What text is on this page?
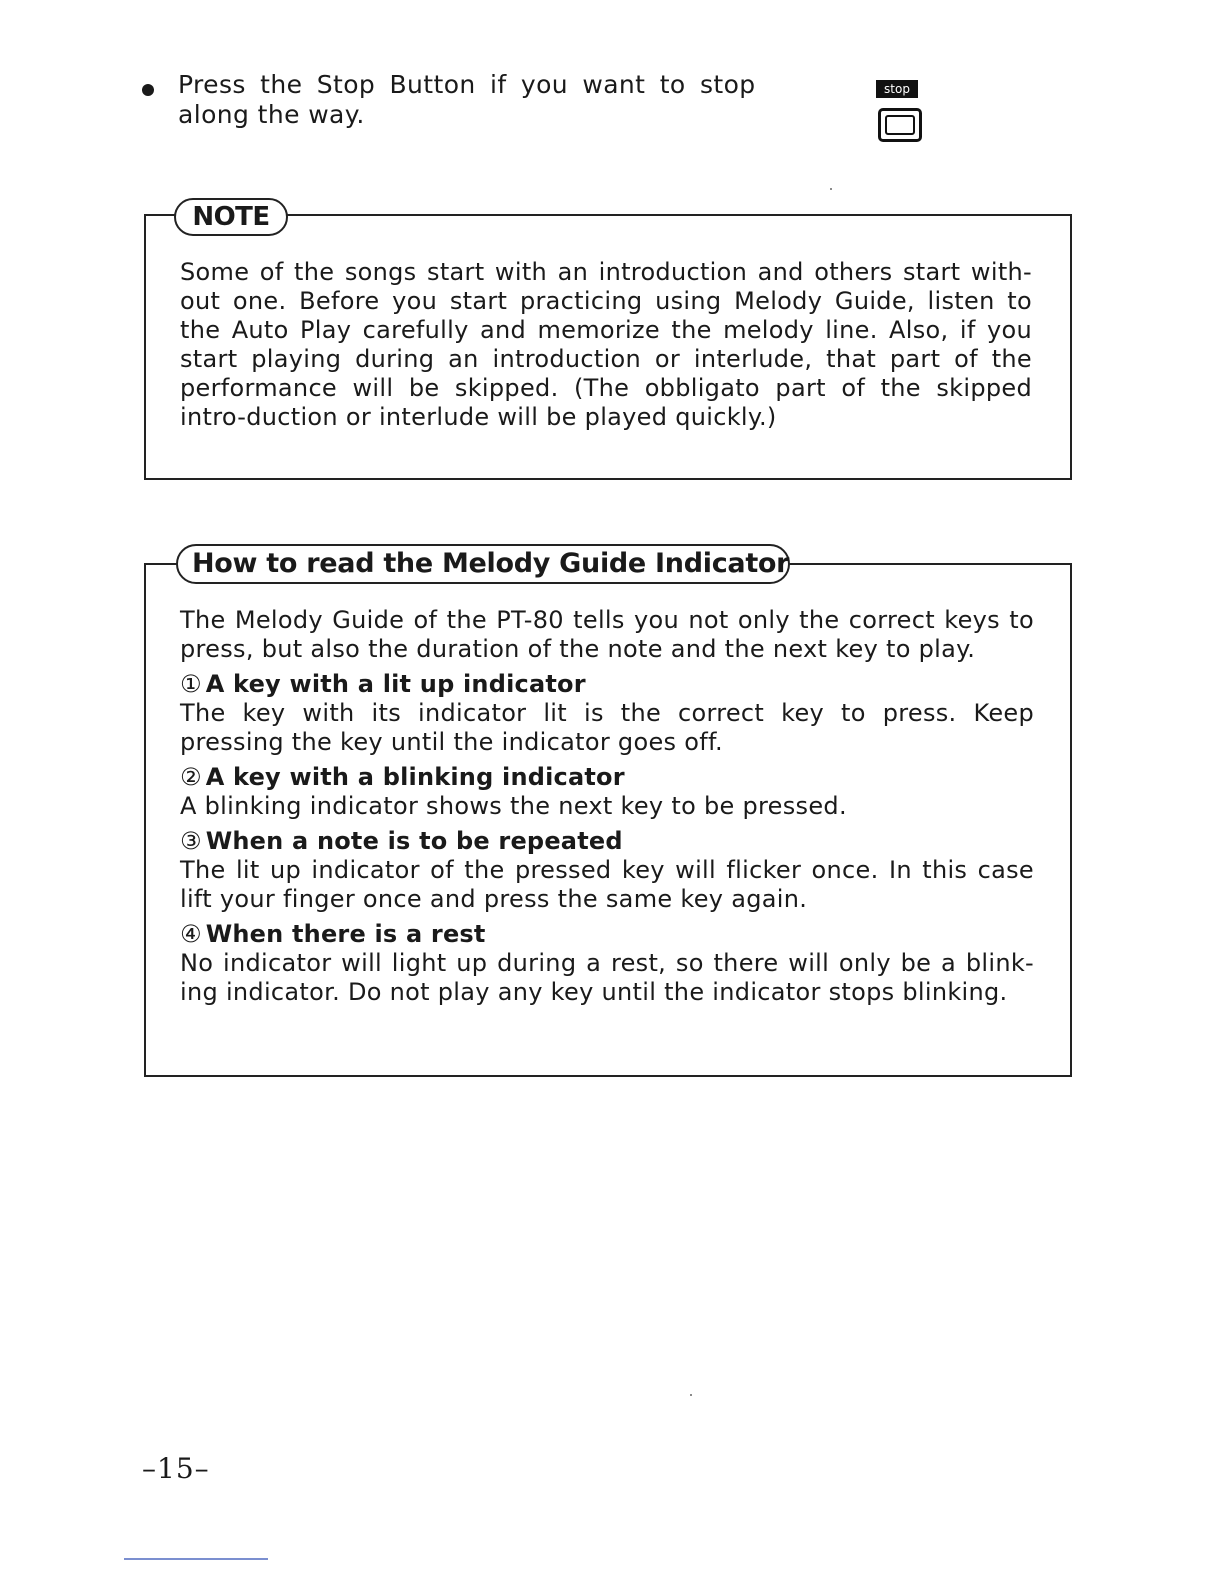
Press the Stop Button if you want to stop
along the way.
stop
NOTE
Some of the songs start with an introduction and others start with-out one. Before you start practicing using Melody Guide, listen to the Auto Play carefully and memorize the melody line. Also, if you start playing during an introduction or interlude, that part of the performance will be skipped. (The obbligato part of the skipped intro-duction or interlude will be played quickly.)
How to read the Melody Guide Indicator
The Melody Guide of the PT-80 tells you not only the correct keys to press, but also the duration of the note and the next key to play.
① A key with a lit up indicator
The key with its indicator lit is the correct key to press. Keep pressing the key until the indicator goes off.
② A key with a blinking indicator
A blinking indicator shows the next key to be pressed.
③ When a note is to be repeated
The lit up indicator of the pressed key will flicker once. In this case lift your finger once and press the same key again.
④ When there is a rest
No indicator will light up during a rest, so there will only be a blink-ing indicator. Do not play any key until the indicator stops blinking.
–15–
